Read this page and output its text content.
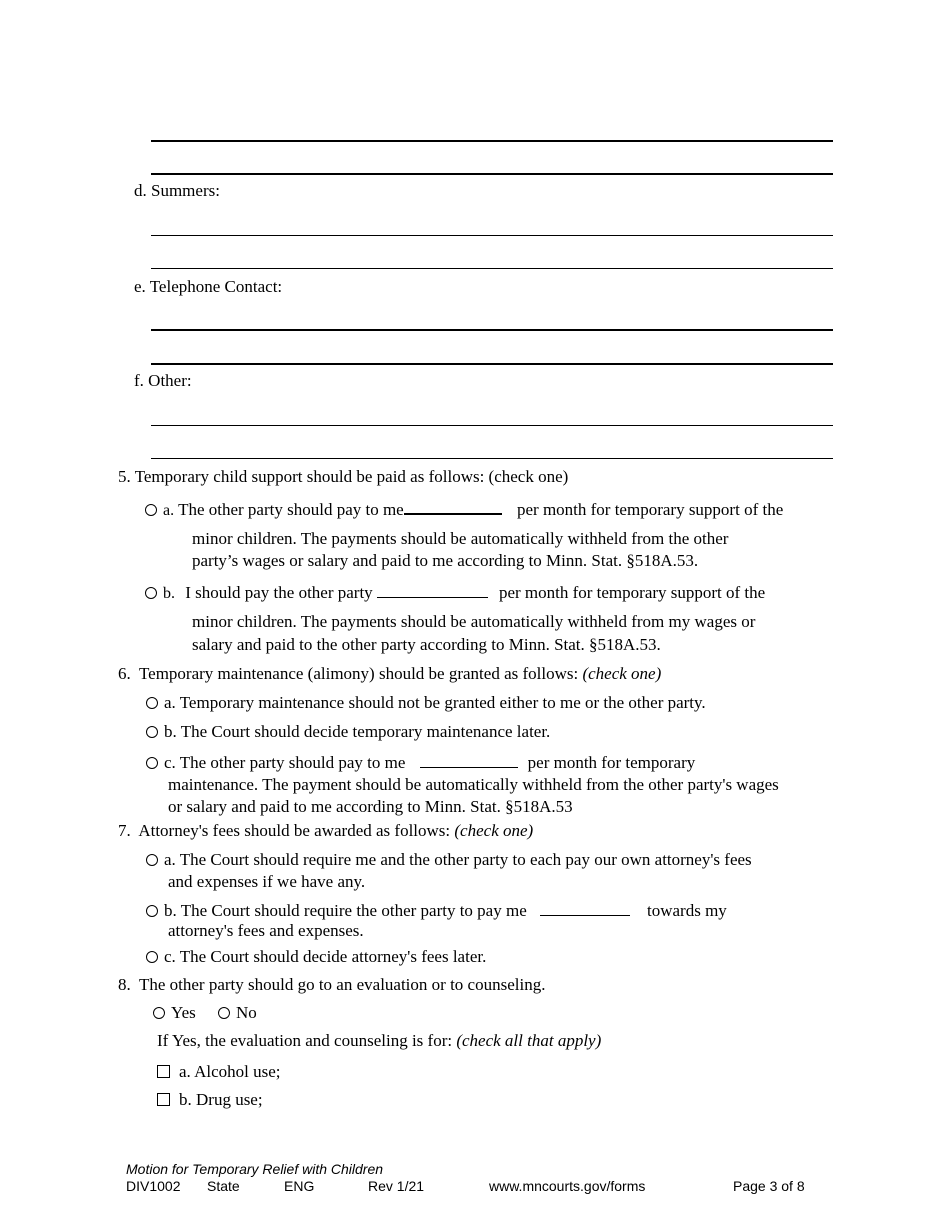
d. Summers:
e. Telephone Contact:
f. Other:
5. Temporary child support should be paid as follows: (check one)
a. The other party should pay to me	per month for temporary support of the
minor children. The payments should be automatically withheld from the other
party’s wages or salary and paid to me according to Minn. Stat. §518A.53.
b. I should pay the other party	per month for temporary support of the
minor children. The payments should be automatically withheld from my wages or
salary and paid to the other party according to Minn. Stat. §518A.53.
6. Temporary maintenance (alimony) should be granted as follows: (check one)
a. Temporary maintenance should not be granted either to me or the other party.
b. The Court should decide temporary maintenance later.
c. The other party should pay to me	per month for temporary
maintenance. The payment should be automatically withheld from the other party's wages
or salary and paid to me according to Minn. Stat. §518A.53
7. Attorney's fees should be awarded as follows: (check one)
a. The Court should require me and the other party to each pay our own attorney's fees
and expenses if we have any.
b. The Court should require the other party to pay me	towards my
attorney's fees and expenses.
c. The Court should decide attorney's fees later.
8. The other party should go to an evaluation or to counseling.
Yes No
If Yes, the evaluation and counseling is for: (check all that apply)
a. Alcohol use;
b. Drug use;
Motion for Temporary Relief with Children
DIV1002 State	ENG	Rev 1/21	www.mncourts.gov/forms	Page 3 of 8
